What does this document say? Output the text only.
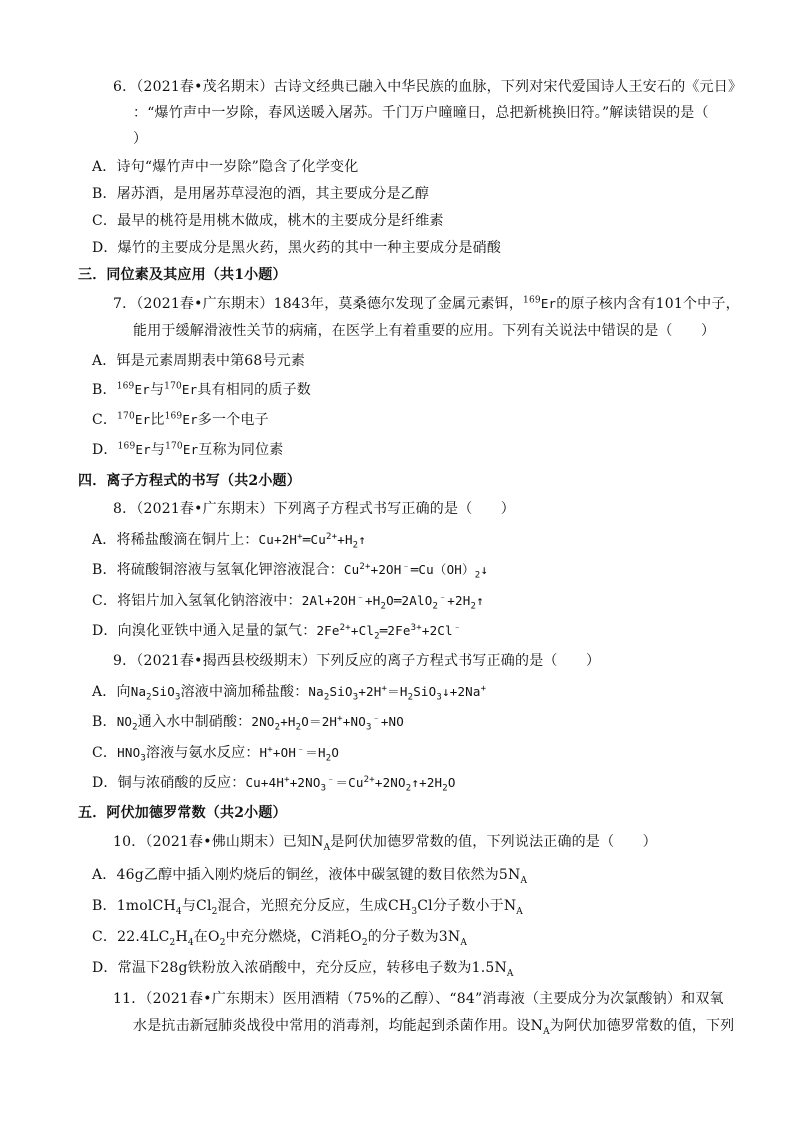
6．（2021春•茂名期末）古诗文经典已融入中华民族的血脉，下列对宋代爱国诗人王安石的《元日》
：“爆竹声中一岁除，春风送暖入屠苏。千门万户曈曈日，总把新桃换旧符。”解读错误的是（
）
A．诗句“爆竹声中一岁除”隐含了化学变化
B．屠苏酒，是用屠苏草浸泡的酒，其主要成分是乙醇
C．最早的桃符是用桃木做成，桃木的主要成分是纤维素
D．爆竹的主要成分是黑火药，黑火药的其中一种主要成分是硝酸
三．同位素及其应用（共1小题）
7．（2021春•广东期末）1843年，莫桑德尔发现了金属元素铒，$^{169}$Er的原子核内含有101个中子，
能用于缓解滑液性关节的病痛，在医学上有着重要的应用。下列有关说法中错误的是（　　）
A．铒是元素周期表中第68号元素
B．$^{169}$Er与$^{170}$Er具有相同的质子数
C．$^{170}$Er比$^{169}$Er多一个电子
D．$^{169}$Er与$^{170}$Er互称为同位素
四．离子方程式的书写（共2小题）
8．（2021春•广东期末）下列离子方程式书写正确的是（　　）
A．将稀盐酸滴在铜片上：$Cu+2H^+═Cu^{2+}+H_2↑$
B．将硫酸铜溶液与氢氧化钾溶液混合：$Cu^{2+}+2OH^﹣═Cu(OH)_2↓$
C．将铝片加入氢氧化钠溶液中：$2Al+2OH^﹣+H_2O═2AlO_2^﹣+2H_2↑$
D．向溴化亚铁中通入足量的氯气：$2Fe^{2+}+Cl_2═2Fe^{3+}+2Cl^﹣$
9．（2021春•揭西县校级期末）下列反应的离子方程式书写正确的是（　　）
A．向$Na_2SiO_3$溶液中滴加稀盐酸：$Na_2SiO_3+2H^+=H_2SiO_3↓+2Na^+$
B．$NO_2$通入水中制硝酸：$2NO_2+H_2O=2H^++NO_3^﹣+NO$
C．$HNO_3$溶液与氨水反应：$H^++OH^﹣=H_2O$
D．铜与浓硝酸的反应：$Cu+4H^++2NO_3^﹣=Cu^{2+}+2NO_2↑+2H_2O$
五．阿伏加德罗常数（共2小题）
10．（2021春•佛山期末）已知$N_A$是阿伏加德罗常数的值，下列说法正确的是（　　）
A．46g乙醇中插入刚灼烧后的铜丝，液体中碳氢键的数目依然为$5N_A$
B．1molCH$_4$与$Cl_2$混合，光照充分反应，生成$CH_3Cl$分子数小于$N_A$
C．$22.4LC_2H_4$在$O_2$中充分燃烧，C消耗$O_2$的分子数为$3N_A$
D．常温下28g铁粉放入浓硝酸中，充分反应，转移电子数为$1.5N_A$
11．（2021春•广东期末）医用酒精（75%的乙醇）、“84”消毒液（主要成分为次氯酸钠）和双氧
水是抗击新冠肺炎战役中常用的消毒剂，均能起到杀菌作用。设$N_A$为阿伏加德罗常数的值，下列
